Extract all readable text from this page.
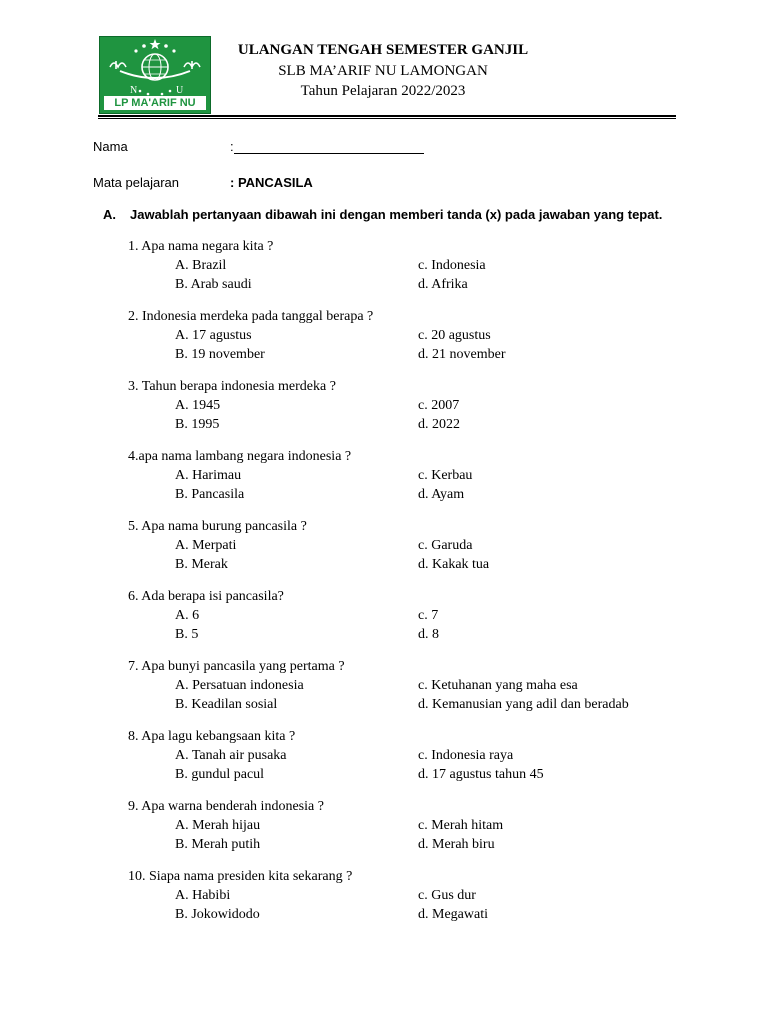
N	U
LP MA'ARIF NU
ULANGAN TENGAH SEMESTER GANJIL
SLB MA’ARIF NU LAMONGAN
Tahun Pelajaran 2022/2023
Nama	:
Mata pelajaran	: PANCASILA
A. Jawablah pertanyaan dibawah ini dengan memberi tanda (x) pada jawaban yang tepat.
1. Apa nama negara kita ?
A. Brazil
B. Arab saudi
c. Indonesia
d. Afrika
2. Indonesia merdeka pada tanggal berapa ?
A. 17 agustus
B. 19 november
c. 20 agustus
d. 21 november
3. Tahun berapa indonesia merdeka ?
A. 1945
B. 1995
c. 2007
d. 2022
4.apa nama lambang negara indonesia ?
A. Harimau
B. Pancasila
c. Kerbau
d. Ayam
5. Apa nama burung pancasila ?
A. Merpati
B. Merak
c. Garuda
d. Kakak tua
6. Ada berapa isi pancasila?
A. 6
B. 5
c. 7
d. 8
7. Apa bunyi pancasila yang pertama ?
A. Persatuan indonesia
B. Keadilan sosial
c. Ketuhanan yang maha esa
d. Kemanusian yang adil dan beradab
8. Apa lagu kebangsaan kita ?
A. Tanah air pusaka
B. gundul pacul
c. Indonesia raya
d. 17 agustus tahun 45
9. Apa warna benderah indonesia ?
A. Merah hijau
B. Merah putih
c. Merah hitam
d. Merah biru
10. Siapa nama presiden kita sekarang ?
A. Habibi
B. Jokowidodo
c. Gus dur
d. Megawati
